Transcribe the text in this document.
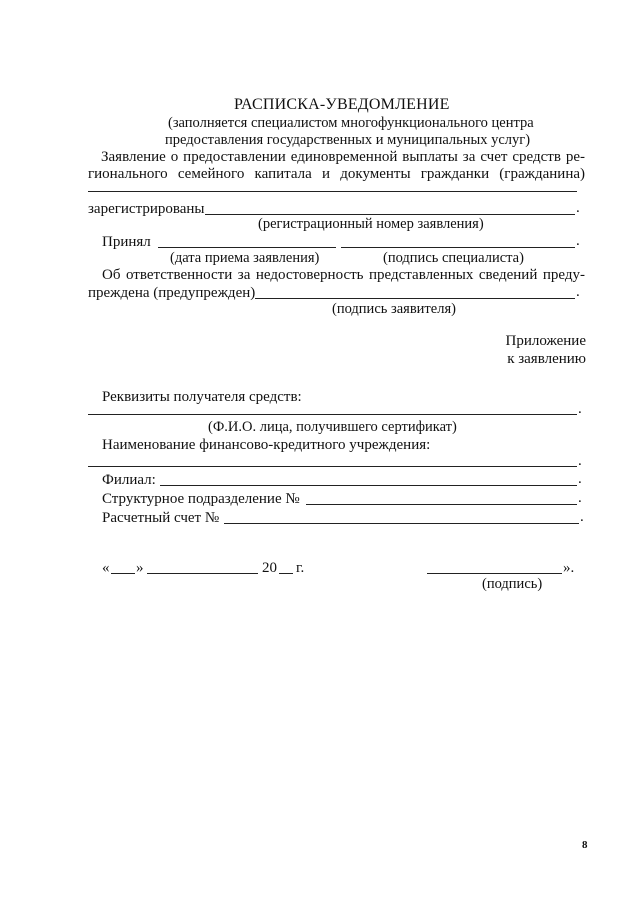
РАСПИСКА-УВЕДОМЛЕНИЕ
(заполняется специалистом многофункционального центра
предоставления государственных и муниципальных услуг)
Заявление о предоставлении единовременной выплаты за счет средств ре-
гионального семейного капитала и документы гражданки (гражданина)
зарегистрированы	.
(регистрационный номер заявления)
Принял	.
(дата приема заявления)	(подпись специалиста)
Об ответственности за недостоверность представленных сведений преду-
преждена (предупрежден)	.
(подпись заявителя)
Приложение
к заявлению
Реквизиты получателя средств:
.
(Ф.И.О. лица, получившего сертификат)
Наименование финансово-кредитного учреждения:
.
Филиал:	.
Структурное подразделение №	.
Расчетный счет №	.
« »	20 г.	».
(подпись)
8
